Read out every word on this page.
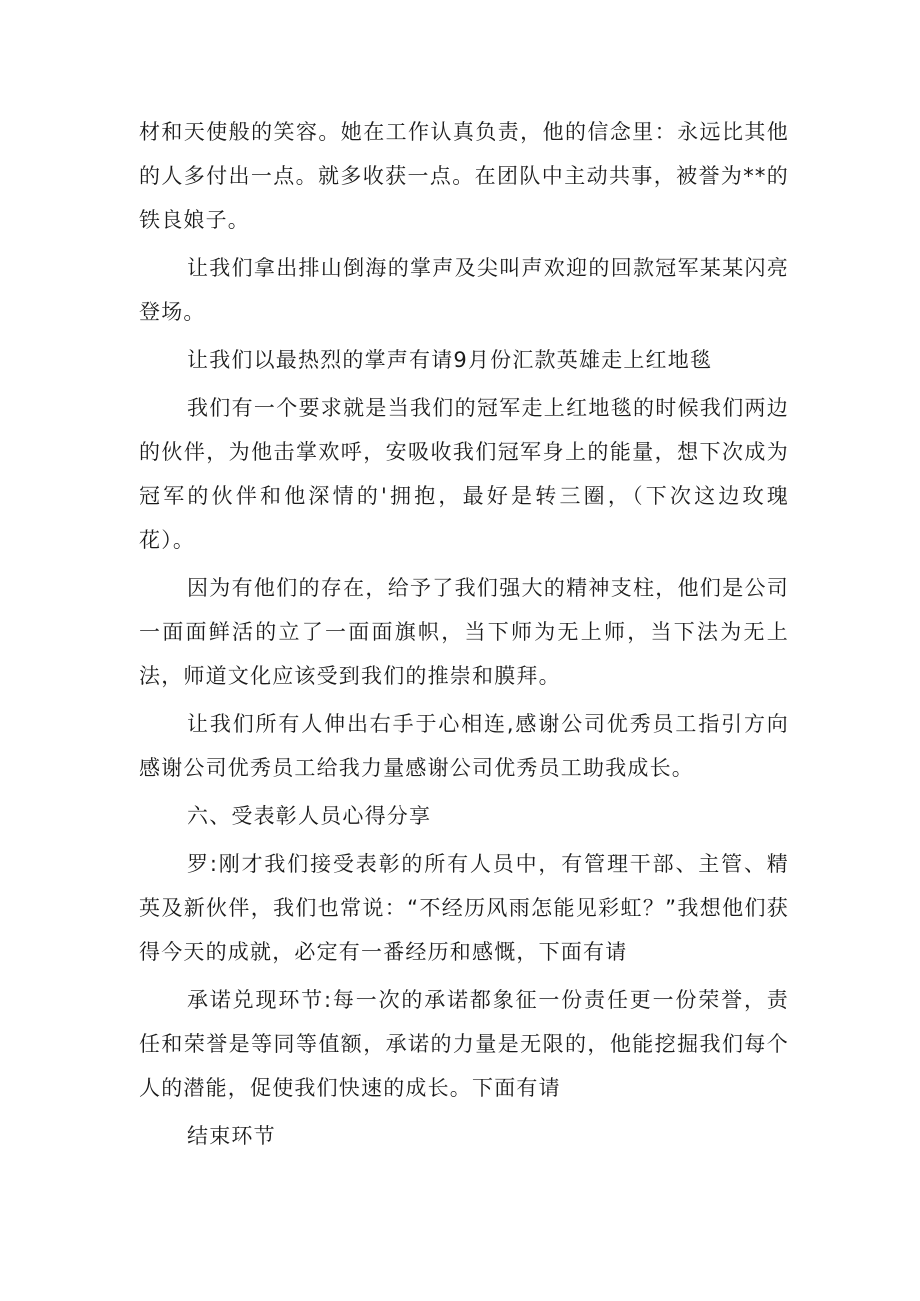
材和天使般的笑容。她在工作认真负责，他的信念里：永远比其他的人多付出一点。就多收获一点。在团队中主动共事，被誉为**的铁良娘子。

让我们拿出排山倒海的掌声及尖叫声欢迎的回款冠军某某闪亮登场。

让我们以最热烈的掌声有请9月份汇款英雄走上红地毯

我们有一个要求就是当我们的冠军走上红地毯的时候我们两边的伙伴，为他击掌欢呼，安吸收我们冠军身上的能量，想下次成为冠军的伙伴和他深情的'拥抱，最好是转三圈，（下次这边玫瑰花）。

因为有他们的存在，给予了我们强大的精神支柱，他们是公司一面面鲜活的立了一面面旗帜，当下师为无上师，当下法为无上法，师道文化应该受到我们的推崇和膜拜。

让我们所有人伸出右手于心相连,感谢公司优秀员工指引方向感谢公司优秀员工给我力量感谢公司优秀员工助我成长。

六、受表彰人员心得分享

罗:刚才我们接受表彰的所有人员中，有管理干部、主管、精英及新伙伴，我们也常说：“不经历风雨怎能见彩虹？”我想他们获得今天的成就，必定有一番经历和感慨，下面有请

承诺兑现环节:每一次的承诺都象征一份责任更一份荣誉，责任和荣誉是等同等值额，承诺的力量是无限的，他能挖掘我们每个人的潜能，促使我们快速的成长。下面有请

结束环节
